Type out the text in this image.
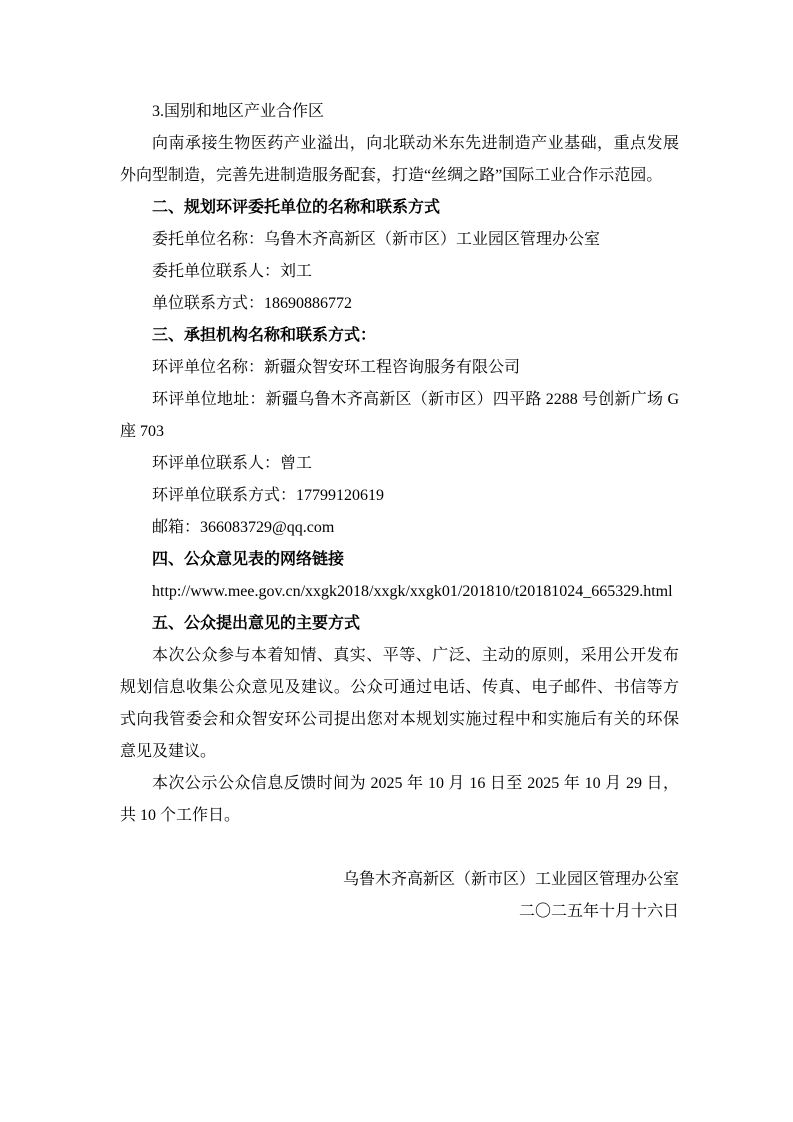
3.国别和地区产业合作区

向南承接生物医药产业溢出，向北联动米东先进制造产业基础，重点发展外向型制造，完善先进制造服务配套，打造“丝绸之路”国际工业合作示范园。

二、规划环评委托单位的名称和联系方式

委托单位名称：乌鲁木齐高新区（新市区）工业园区管理办公室

委托单位联系人：刘工

单位联系方式：18690886772

三、承担机构名称和联系方式：

环评单位名称：新疆众智安环工程咨询服务有限公司

环评单位地址：新疆乌鲁木齐高新区（新市区）四平路 2288 号创新广场 G座 703

环评单位联系人：曾工

环评单位联系方式：17799120619

邮箱：366083729@qq.com

四、公众意见表的网络链接

http://www.mee.gov.cn/xxgk2018/xxgk/xxgk01/201810/t20181024_665329.html

五、公众提出意见的主要方式

本次公众参与本着知情、真实、平等、广泛、主动的原则，采用公开发布规划信息收集公众意见及建议。公众可通过电话、传真、电子邮件、书信等方式向我管委会和众智安环公司提出您对本规划实施过程中和实施后有关的环保意见及建议。

本次公示公众信息反馈时间为 2025 年 10 月 16 日至 2025 年 10 月 29 日，共 10 个工作日。

乌鲁木齐高新区（新市区）工业园区管理办公室

二〇二五年十月十六日
